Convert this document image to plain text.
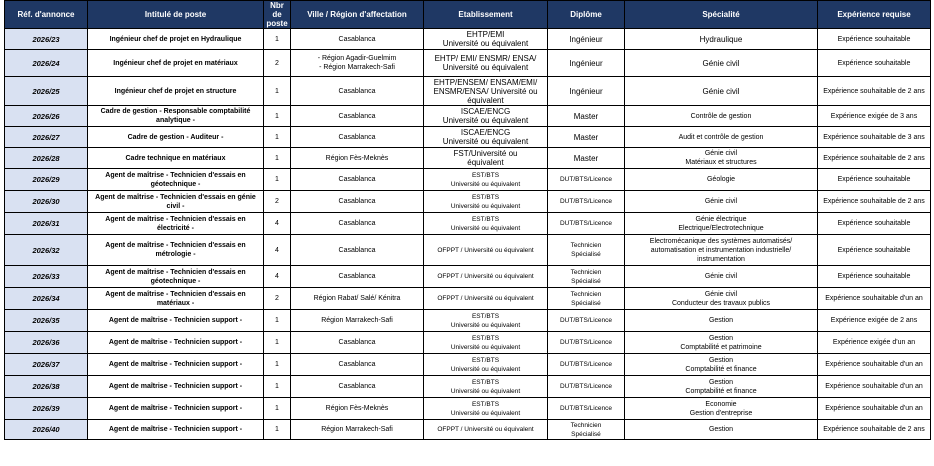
Réf. d'annonce	Intitulé de poste	Nbr de poste	Ville / Région d'affectation	Etablissement	Diplôme	Spécialité	Expérience requise
2026/23	Ingénieur chef de projet en Hydraulique	1	Casablanca	EHTP/EMI
Université ou équivalent	Ingénieur	Hydraulique	Expérience souhaitable
2026/24	Ingénieur chef de projet en matériaux	2	- Région Agadir-Guelmim
- Région Marrakech-Safi	EHTP/ EMI/ ENSMR/ ENSA/
Université ou équivalent	Ingénieur	Génie civil	Expérience souhaitable
2026/25	Ingénieur chef de projet en structure	1	Casablanca	EHTP/ENSEM/ ENSAM/EMI/
ENSMR/ENSA/ Université ou
équivalent	Ingénieur	Génie civil	Expérience souhaitable de 2 ans
2026/26	Cadre de gestion - Responsable comptabilité
analytique -	1	Casablanca	ISCAE/ENCG
Université ou équivalent	Master	Contrôle de gestion	Expérience exigée de 3 ans
2026/27	Cadre de gestion - Auditeur -	1	Casablanca	ISCAE/ENCG
Université ou équivalent	Master	Audit et contrôle de gestion	Expérience souhaitable de 3 ans
2026/28	Cadre technique en matériaux	1	Région Fès-Meknès	FST/Université ou
équivalent	Master	Génie civil
Matériaux et structures	Expérience souhaitable de 2 ans
2026/29	Agent de maîtrise - Technicien d'essais en
géotechnique -	1	Casablanca	EST/BTS
Université ou équivalent	DUT/BTS/Licence	Géologie	Expérience souhaitable
2026/30	Agent de maîtrise - Technicien d'essais en génie
civil -	2	Casablanca	EST/BTS
Université ou équivalent	DUT/BTS/Licence	Génie civil	Expérience souhaitable de 2 ans
2026/31	Agent de maîtrise - Technicien d'essais en
électricité -	4	Casablanca	EST/BTS
Université ou équivalent	DUT/BTS/Licence	Génie électrique
Electrique/Electrotechnique	Expérience souhaitable
2026/32	Agent de maîtrise - Technicien d'essais en
métrologie -	4	Casablanca	OFPPT / Université ou équivalent	Technicien
Spécialisé	Electromécanique des systèmes automatisés/
automatisation et instrumentation industrielle/
instrumentation	Expérience souhaitable
2026/33	Agent de maîtrise - Technicien d'essais en
géotechnique -	4	Casablanca	OFPPT / Université ou équivalent	Technicien
Spécialisé	Génie civil	Expérience souhaitable
2026/34	Agent de maîtrise - Technicien d'essais en
matériaux -	2	Région Rabat/ Salé/ Kénitra	OFPPT / Université ou équivalent	Technicien
Spécialisé	Génie civil
Conducteur des travaux publics	Expérience souhaitable d'un an
2026/35	Agent de maîtrise - Technicien support -	1	Région Marrakech-Safi	EST/BTS
Université ou équivalent	DUT/BTS/Licence	Gestion	Expérience exigée de 2 ans
2026/36	Agent de maîtrise - Technicien support -	1	Casablanca	EST/BTS
Université ou équivalent	DUT/BTS/Licence	Gestion
Comptabilité et patrimoine	Expérience exigée d'un an
2026/37	Agent de maîtrise - Technicien support -	1	Casablanca	EST/BTS
Université ou équivalent	DUT/BTS/Licence	Gestion
Comptabilité et finance	Expérience souhaitable d'un an
2026/38	Agent de maîtrise - Technicien support -	1	Casablanca	EST/BTS
Université ou équivalent	DUT/BTS/Licence	Gestion
Comptabilité et finance	Expérience souhaitable d'un an
2026/39	Agent de maîtrise - Technicien support -	1	Région Fès-Meknès	EST/BTS
Université ou équivalent	DUT/BTS/Licence	Economie
Gestion d'entreprise	Expérience souhaitable d'un an
2026/40	Agent de maîtrise - Technicien support -	1	Région Marrakech-Safi	OFPPT / Université ou équivalent	Technicien
Spécialisé	Gestion	Expérience souhaitable de 2 ans
